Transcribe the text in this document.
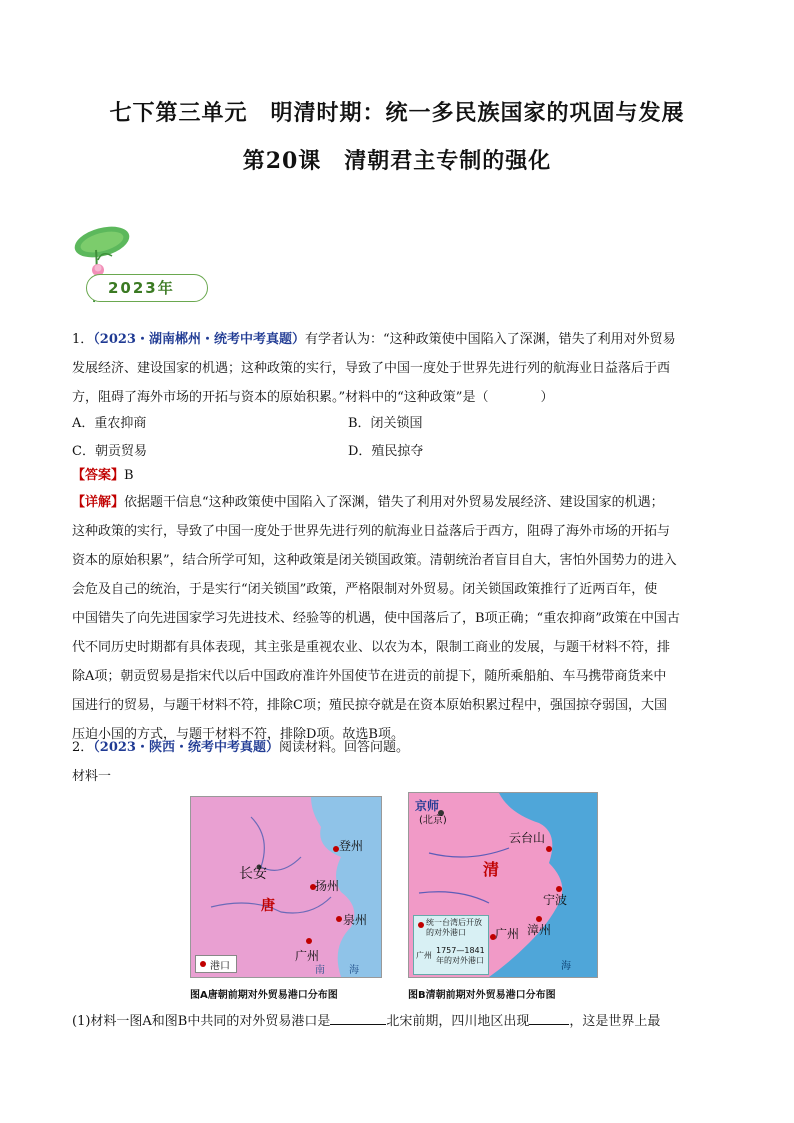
七下第三单元　明清时期：统一多民族国家的巩固与发展
第20课　清朝君主专制的强化
2023年
1．（2023・湖南郴州・统考中考真题）有学者认为：“这种政策使中国陷入了深渊，错失了利用对外贸易
发展经济、建设国家的机遇；这种政策的实行，导致了中国一度处于世界先进行列的航海业日益落后于西
方，阻碍了海外市场的开拓与资本的原始积累。”材料中的“这种政策”是（　　　　）
A．重农抑商	B．闭关锁国
C．朝贡贸易	D．殖民掠夺
【答案】B
【详解】依据题干信息“这种政策使中国陷入了深渊，错失了利用对外贸易发展经济、建设国家的机遇；
这种政策的实行，导致了中国一度处于世界先进行列的航海业日益落后于西方，阻碍了海外市场的开拓与
资本的原始积累”，结合所学可知，这种政策是闭关锁国政策。清朝统治者盲目自大，害怕外国势力的进入
会危及自己的统治，于是实行“闭关锁国”政策，严格限制对外贸易。闭关锁国政策推行了近两百年，使
中国错失了向先进国家学习先进技术、经验等的机遇，使中国落后了，B项正确；“重农抑商”政策在中国古
代不同历史时期都有具体表现，其主张是重视农业、以农为本，限制工商业的发展，与题干材料不符，排
除A项；朝贡贸易是指宋代以后中国政府准许外国使节在进贡的前提下，随所乘船舶、车马携带商货来中
国进行的贸易，与题干材料不符，排除C项；殖民掠夺就是在资本原始积累过程中，强国掠夺弱国，大国
压迫小国的方式，与题干材料不符，排除D项。故选B项。
2．（2023・陕西・统考中考真题）阅读材料。回答问题。
材料一
登州
扬州
长安
唐
泉州
广州
南 海
港口
图A唐朝前期对外贸易港口分布图
京师
(北京)
云台山
清
宁波
漳州
广州
海
统一台湾后开放的对外港口
广州
1757—1841年的对外港口
图B清朝前期对外贸易港口分布图
(1)材料一图A和图B中共同的对外贸易港口是	北宋前期，四川地区出现	，这是世界上最
